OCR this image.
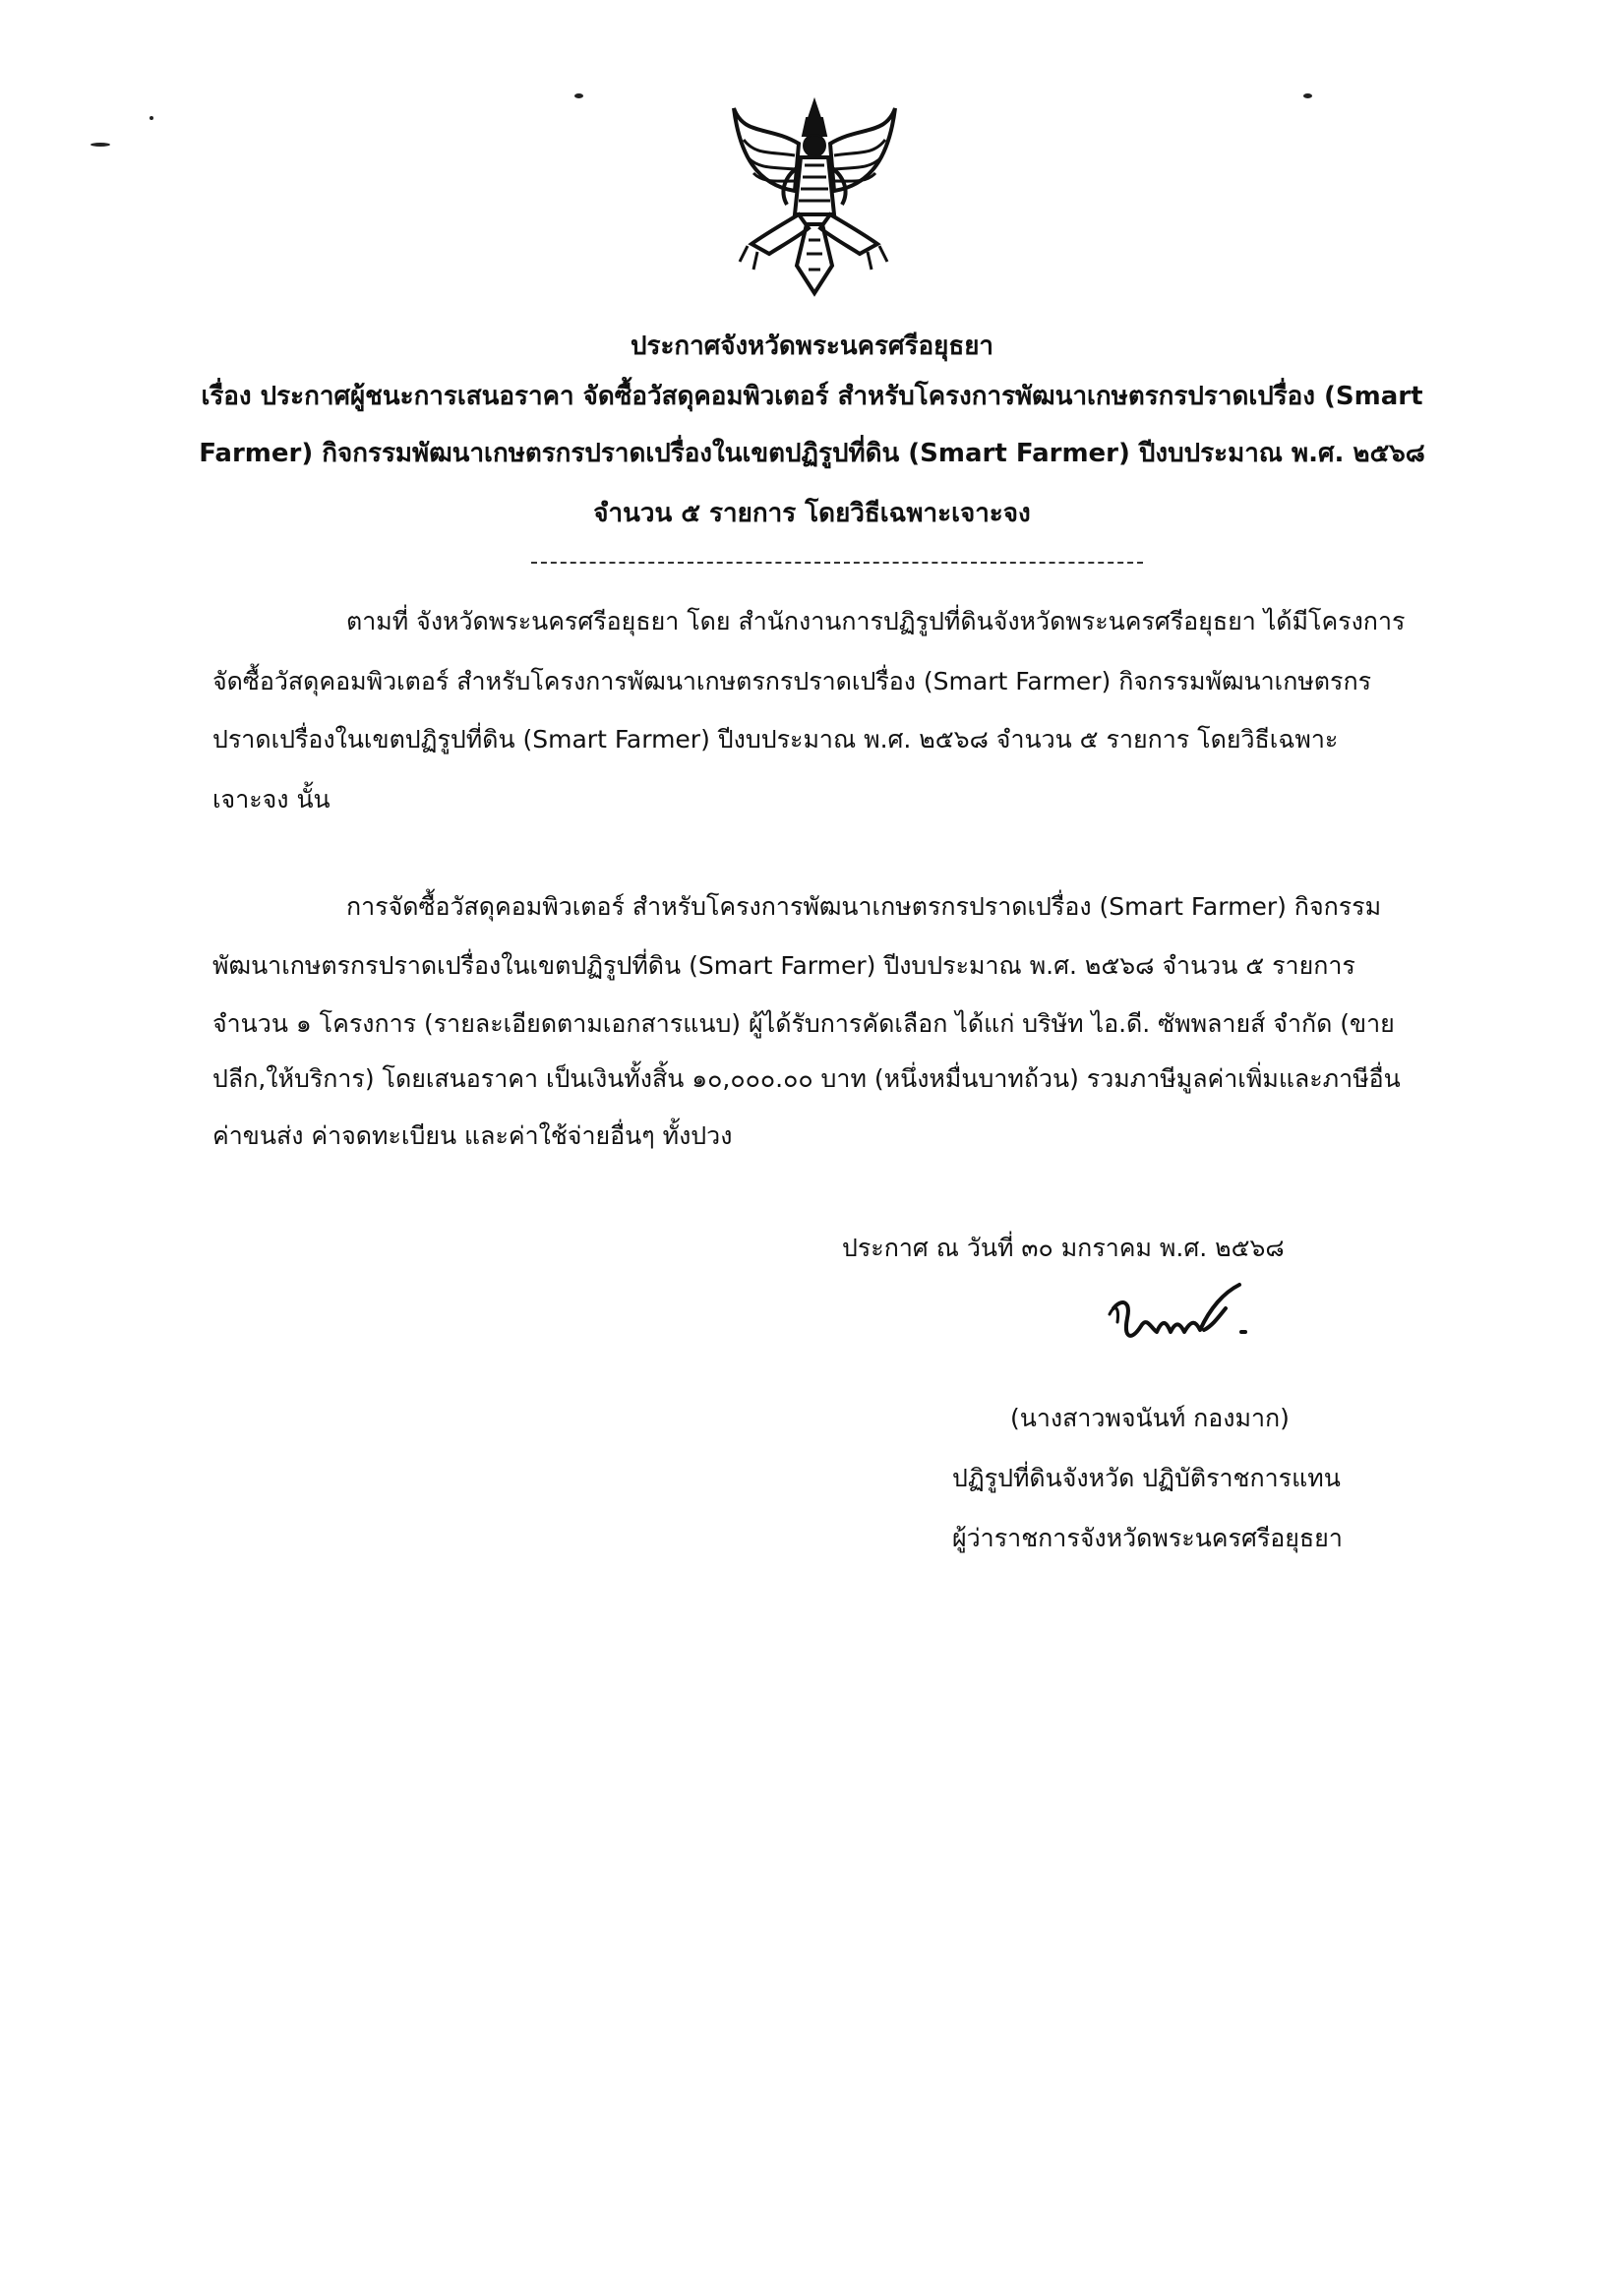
ประกาศจังหวัดพระนครศรีอยุธยา
เรื่อง ประกาศผู้ชนะการเสนอราคา จัดซื้อวัสดุคอมพิวเตอร์ สำหรับโครงการพัฒนาเกษตรกรปราดเปรื่อง (Smart
Farmer) กิจกรรมพัฒนาเกษตรกรปราดเปรื่องในเขตปฏิรูปที่ดิน (Smart Farmer) ปีงบประมาณ พ.ศ. ๒๕๖๘
จำนวน ๕ รายการ โดยวิธีเฉพาะเจาะจง
ตามที่ จังหวัดพระนครศรีอยุธยา โดย สำนักงานการปฏิรูปที่ดินจังหวัดพระนครศรีอยุธยา ได้มีโครงการ
จัดซื้อวัสดุคอมพิวเตอร์ สำหรับโครงการพัฒนาเกษตรกรปราดเปรื่อง (Smart Farmer) กิจกรรมพัฒนาเกษตรกร
ปราดเปรื่องในเขตปฏิรูปที่ดิน (Smart Farmer) ปีงบประมาณ พ.ศ. ๒๕๖๘ จำนวน ๕ รายการ โดยวิธีเฉพาะ
เจาะจง นั้น
การจัดซื้อวัสดุคอมพิวเตอร์ สำหรับโครงการพัฒนาเกษตรกรปราดเปรื่อง (Smart Farmer) กิจกรรม
พัฒนาเกษตรกรปราดเปรื่องในเขตปฏิรูปที่ดิน (Smart Farmer) ปีงบประมาณ พ.ศ. ๒๕๖๘ จำนวน ๕ รายการ
จำนวน ๑ โครงการ (รายละเอียดตามเอกสารแนบ) ผู้ได้รับการคัดเลือก ได้แก่ บริษัท ไอ.ดี. ซัพพลายส์ จำกัด (ขาย
ปลีก,ให้บริการ) โดยเสนอราคา เป็นเงินทั้งสิ้น ๑๐,๐๐๐.๐๐ บาท (หนึ่งหมื่นบาทถ้วน) รวมภาษีมูลค่าเพิ่มและภาษีอื่น
ค่าขนส่ง ค่าจดทะเบียน และค่าใช้จ่ายอื่นๆ ทั้งปวง
ประกาศ ณ วันที่ ๓๐ มกราคม พ.ศ. ๒๕๖๘
(นางสาวพจนันท์ กองมาก)
ปฏิรูปที่ดินจังหวัด ปฏิบัติราชการแทน
ผู้ว่าราชการจังหวัดพระนครศรีอยุธยา
